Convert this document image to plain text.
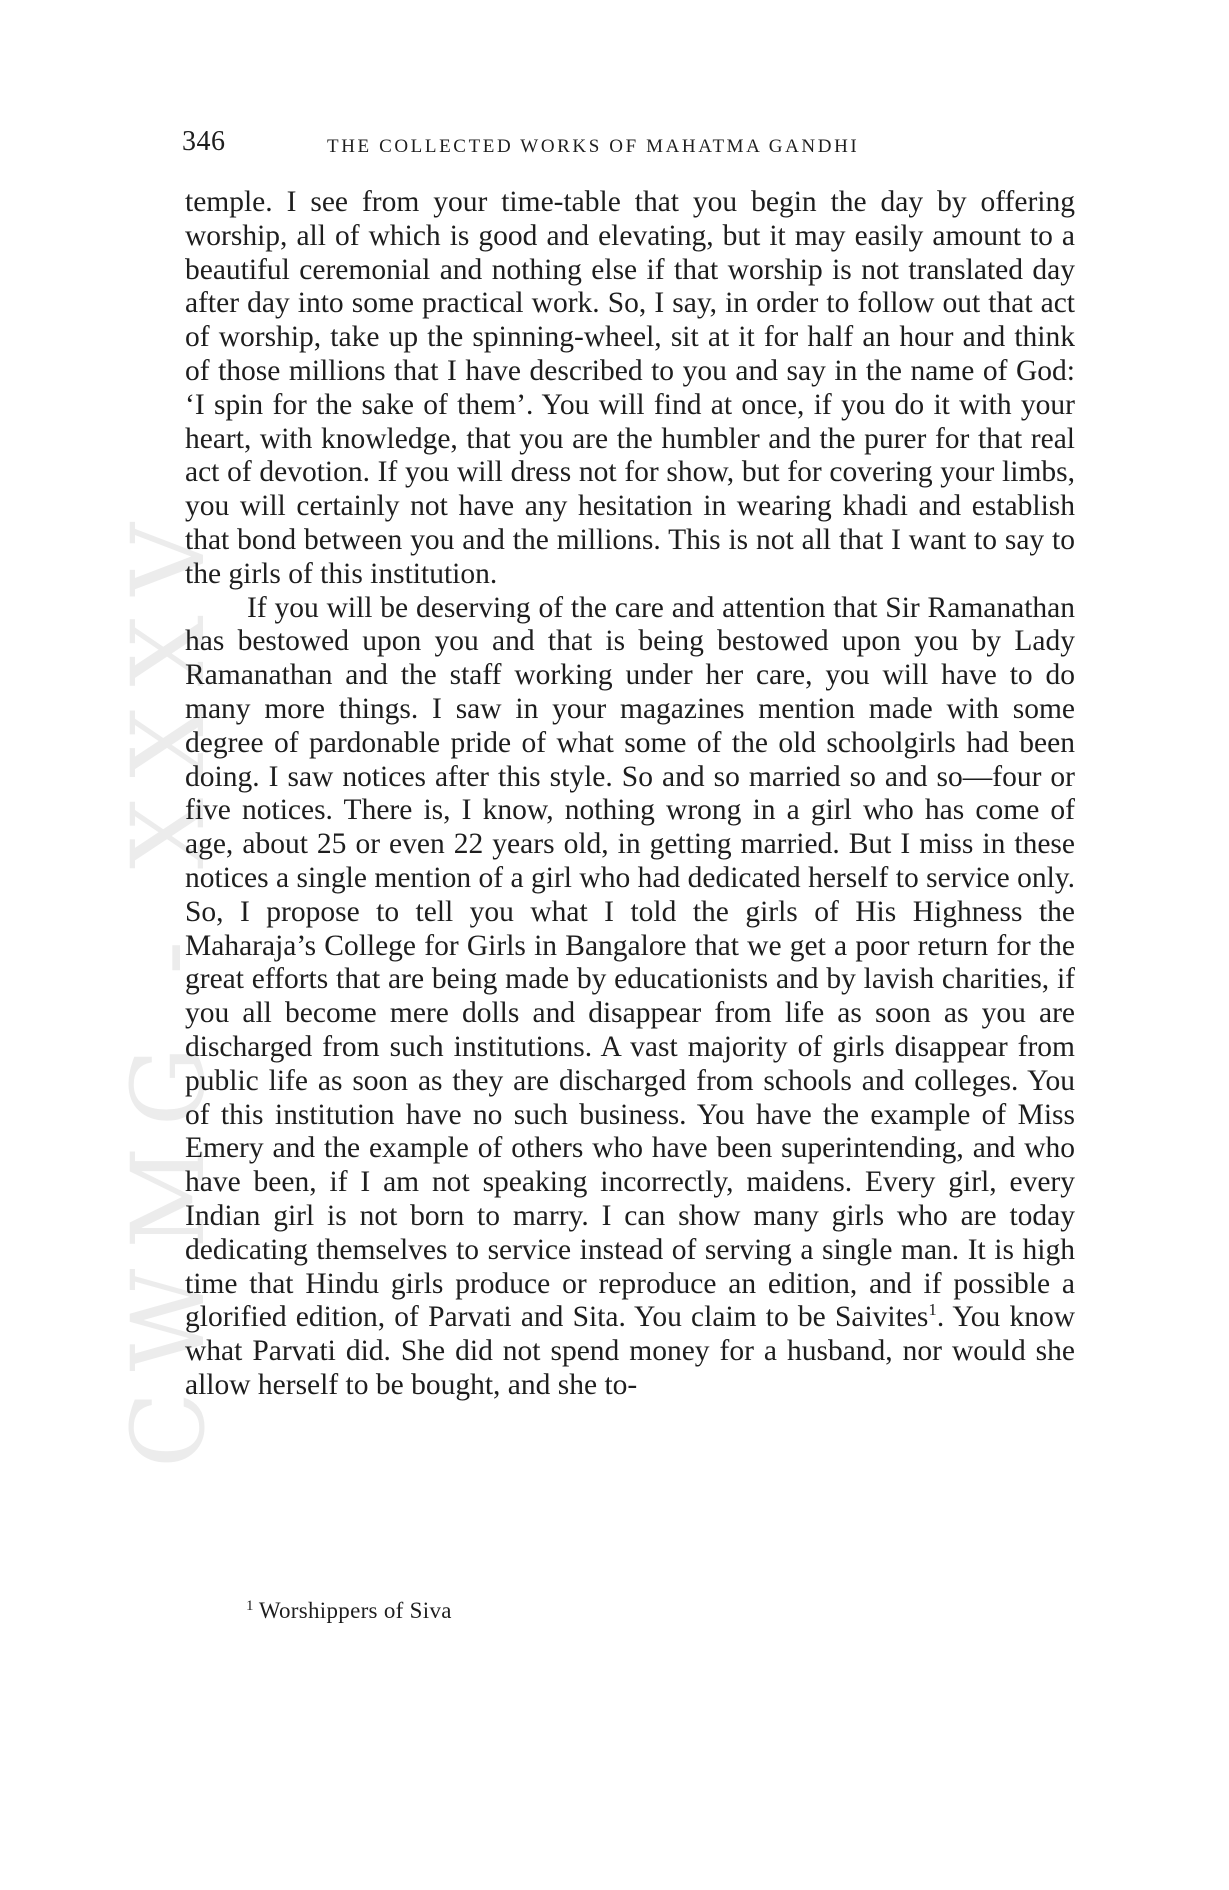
CWMG - XXXV
346	THE COLLECTED WORKS OF MAHATMA GANDHI

temple. I see from your time-table that you begin the day by offering worship, all of which is good and elevating, but it may easily amount to a beautiful ceremonial and nothing else if that worship is not translated day after day into some practical work. So, I say, in order to follow out that act of worship, take up the spinning-wheel, sit at it for half an hour and think of those millions that I have described to you and say in the name of God: ‘I spin for the sake of them’. You will find at once, if you do it with your heart, with knowledge, that you are the humbler and the purer for that real act of devotion. If you will dress not for show, but for covering your limbs, you will certainly not have any hesitation in wearing khadi and establish that bond between you and the millions. This is not all that I want to say to the girls of this institution.

If you will be deserving of the care and attention that Sir Ramanathan has bestowed upon you and that is being bestowed upon you by Lady Ramanathan and the staff working under her care, you will have to do many more things. I saw in your magazines mention made with some degree of pardonable pride of what some of the old schoolgirls had been doing. I saw notices after this style. So and so married so and so—four or five notices. There is, I know, nothing wrong in a girl who has come of age, about 25 or even 22 years old, in getting married. But I miss in these notices a single mention of a girl who had dedicated herself to service only. So, I propose to tell you what I told the girls of His Highness the Maharaja’s College for Girls in Bangalore that we get a poor return for the great efforts that are being made by educationists and by lavish charities, if you all become mere dolls and disappear from life as soon as you are discharged from such institutions. A vast majority of girls disappear from public life as soon as they are discharged from schools and colleges. You of this institution have no such business. You have the example of Miss Emery and the example of others who have been superintending, and who have been, if I am not speaking incorrectly, maidens. Every girl, every Indian girl is not born to marry. I can show many girls who are today dedicating themselves to service instead of serving a single man. It is high time that Hindu girls produce or reproduce an edition, and if possible a glorified edition, of Parvati and Sita. You claim to be Saivites$^1$. You know what Parvati did. She did not spend money for a husband, nor would she allow herself to be bought, and she to-

$^1$ Worshippers of Siva
